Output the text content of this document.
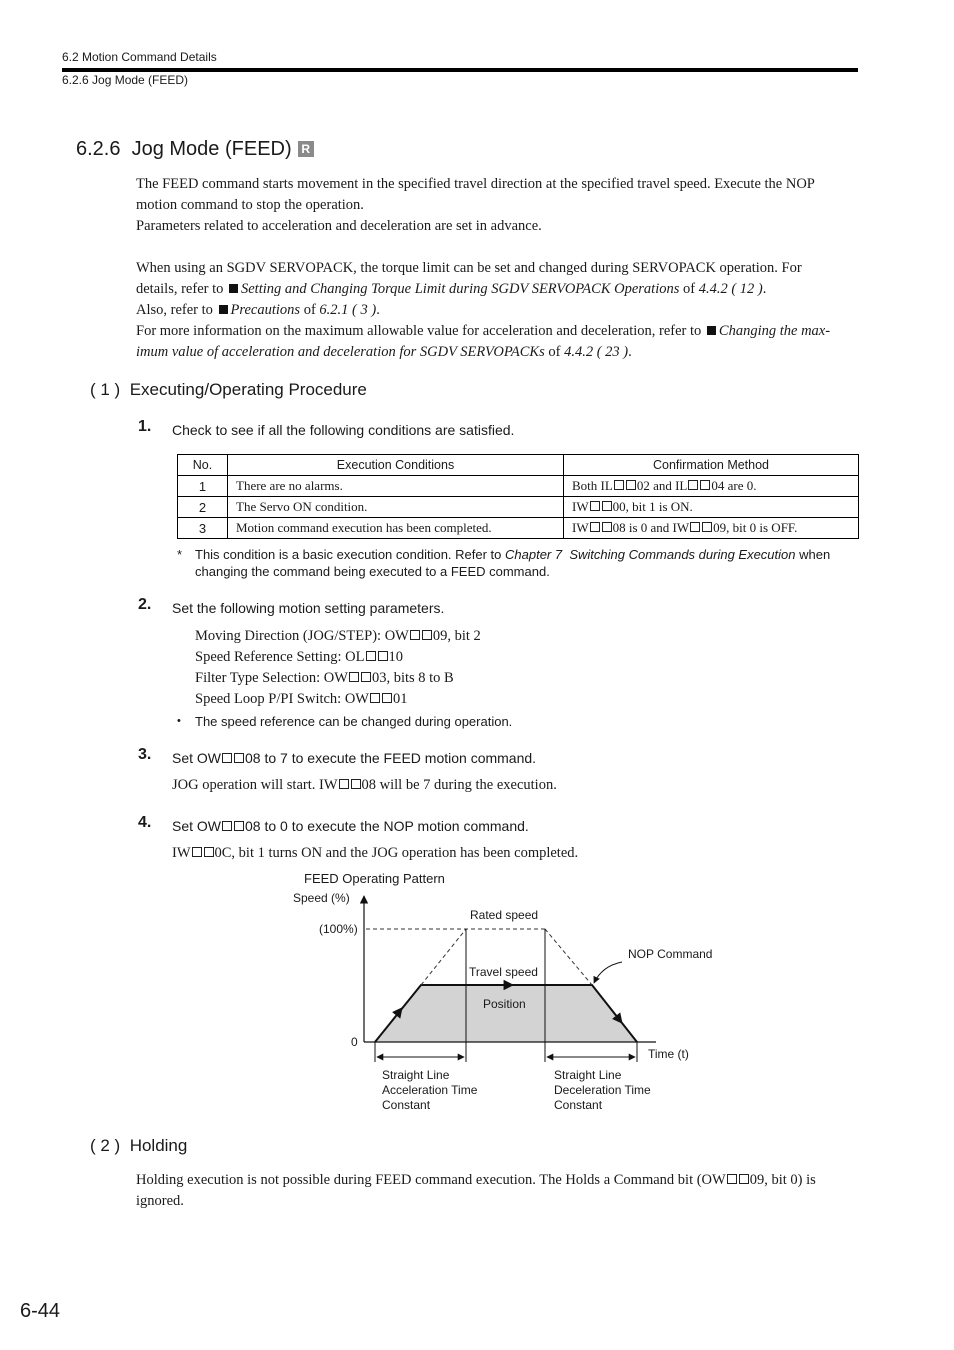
6.2 Motion Command Details
6.2.6 Jog Mode (FEED)
6.2.6  Jog Mode (FEED) R
The FEED command starts movement in the specified travel direction at the specified travel speed. Execute the NOP
motion command to stop the operation.
Parameters related to acceleration and deceleration are set in advance.
When using an SGDV SERVOPACK, the torque limit can be set and changed during SERVOPACK operation. For
details, refer to Setting and Changing Torque Limit during SGDV SERVOPACK Operations of 4.4.2 ( 12 ).
Also, refer to Precautions of 6.2.1 ( 3 ).
For more information on the maximum allowable value for acceleration and deceleration, refer to Changing the max-
imum value of acceleration and deceleration for SGDV SERVOPACKs of 4.4.2 ( 23 ).
( 1 ) Executing/Operating Procedure
1. Check to see if all the following conditions are satisfied.
No.	Execution Conditions	Confirmation Method
1	There are no alarms.	Both IL 02 and IL 04 are 0.
2	The Servo ON condition.	IW 00, bit 1 is ON.
3	Motion command execution has been completed.	IW 08 is 0 and IW 09, bit 0 is OFF.
* This condition is a basic execution condition. Refer to Chapter 7  Switching Commands during Execution when
changing the command being executed to a FEED command.
2. Set the following motion setting parameters.
Moving Direction (JOG/STEP): OW 09, bit 2
Speed Reference Setting: OL 10
Filter Type Selection: OW 03, bits 8 to B
Speed Loop P/PI Switch: OW 01
• The speed reference can be changed during operation.
3. Set OW 08 to 7 to execute the FEED motion command.
JOG operation will start. IW 08 will be 7 during the execution.
4. Set OW 08 to 0 to execute the NOP motion command.
IW 0C, bit 1 turns ON and the JOG operation has been completed.
FEED Operating Pattern
Speed (%)
(100%)
0
Rated speed
Travel speed
Position
NOP Command
Time (t)
Straight Line
Acceleration Time
Constant
Straight Line
Deceleration Time
Constant
( 2 ) Holding
Holding execution is not possible during FEED command execution. The Holds a Command bit (OW 09, bit 0) is
ignored.
6-44
